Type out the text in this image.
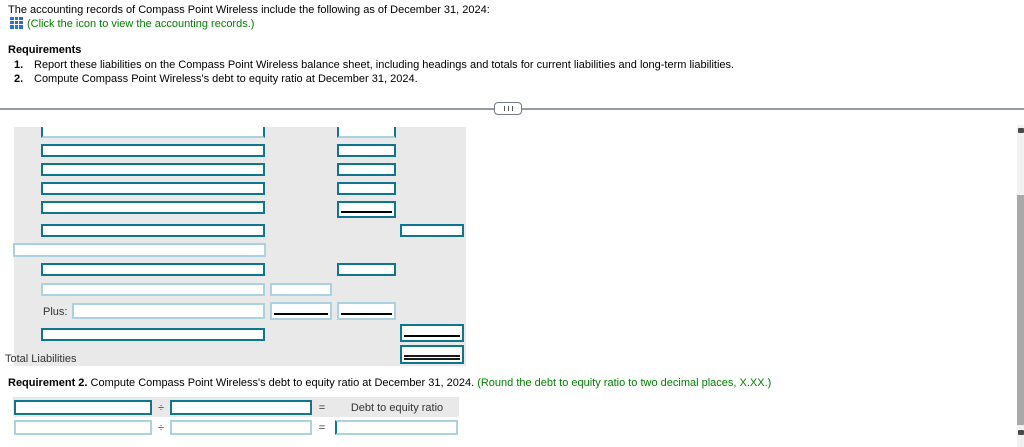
The accounting records of Compass Point Wireless include the following as of December 31, 2024:
(Click the icon to view the accounting records.)
Requirements
1. Report these liabilities on the Compass Point Wireless balance sheet, including headings and totals for current liabilities and long-term liabilities.
2. Compute Compass Point Wireless's debt to equity ratio at December 31, 2024.
Plus:
Total Liabilities
Requirement 2. Compute Compass Point Wireless's debt to equity ratio at December 31, 2024. (Round the debt to equity ratio to two decimal places, X.XX.)
÷	=	Debt to equity ratio
÷	=
